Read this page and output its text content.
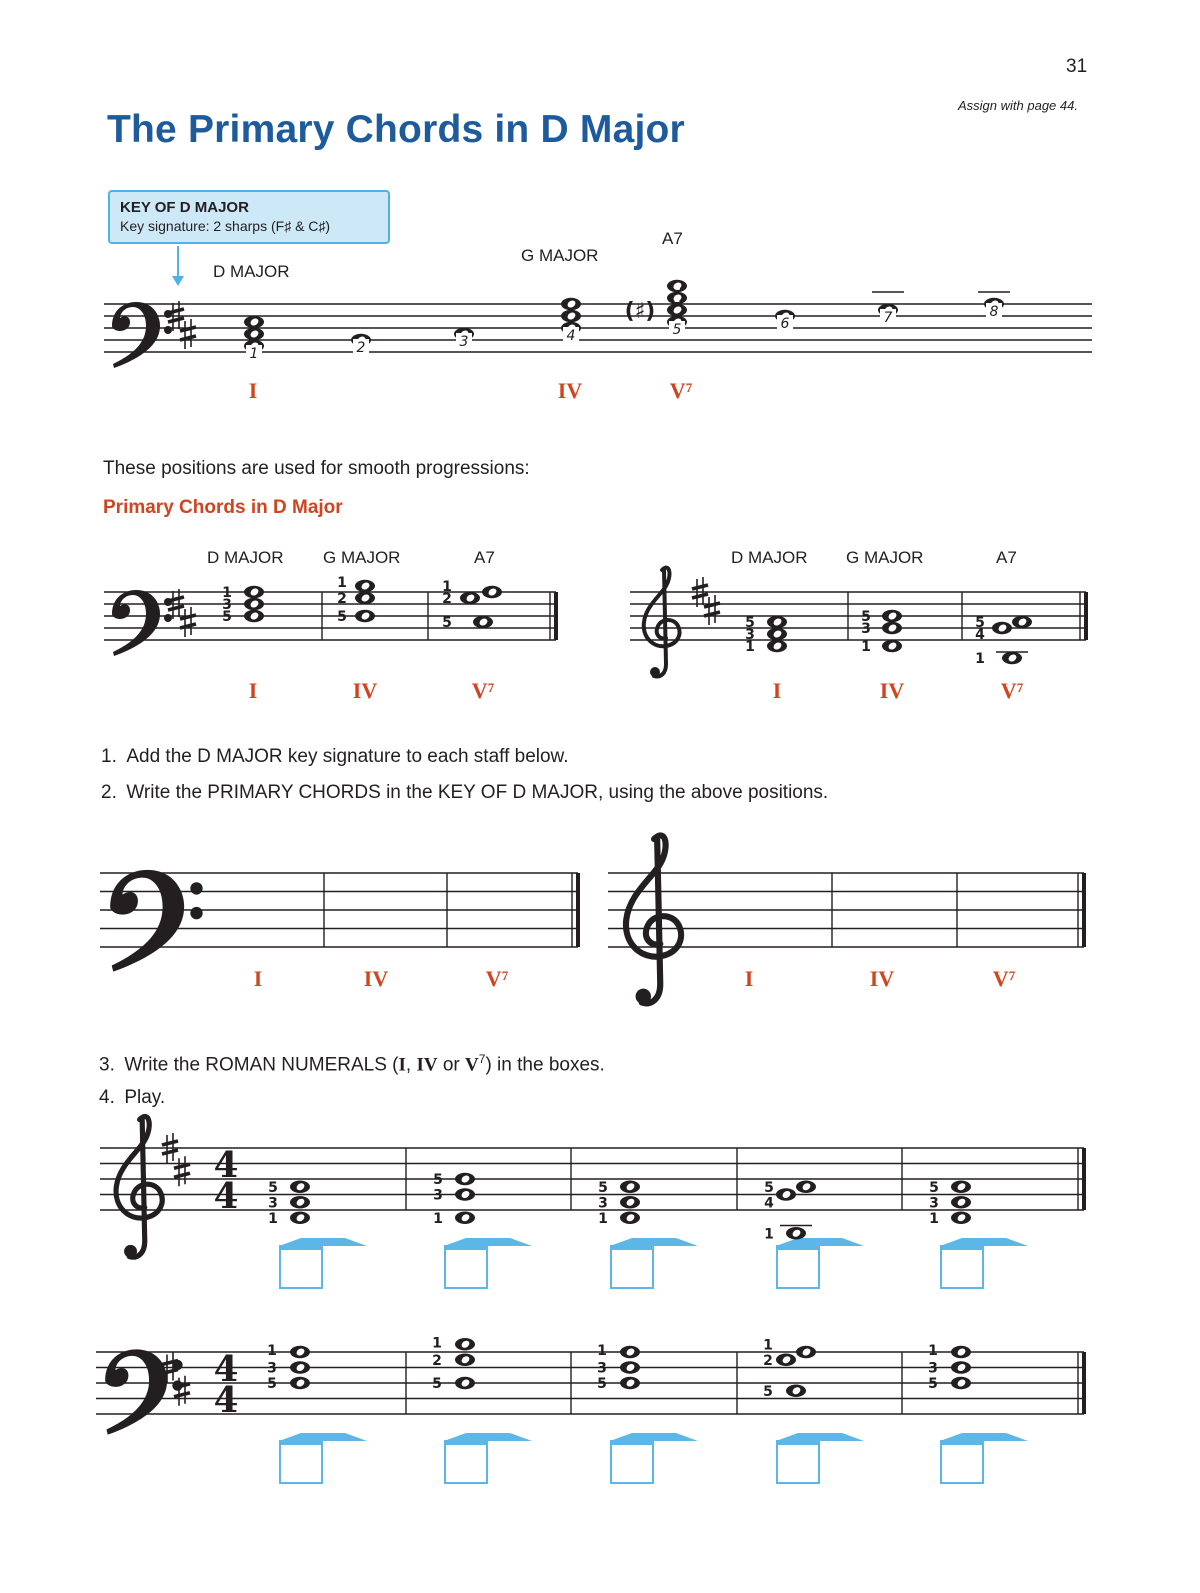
31
Assign with page 44.
The Primary Chords in D Major
KEY OF D MAJOR
Key signature: 2 sharps (F♯ & C♯)
D MAJOR
G MAJOR
A7
I	IV	$V^7$
These positions are used for smooth progressions:
Primary Chords in D Major
D MAJOR G MAJOR	A7	D MAJOR G MAJOR	A7
I	IV	$V^7$	I	IV	$V^7$
1. Add the D MAJOR key signature to each staff below.
2. Write the PRIMARY CHORDS in the KEY OF D MAJOR, using the above positions.
I	IV	$V^7$	I	IV	$V^7$
3. Write the ROMAN NUMERALS (I, IV or $V^7$) in the boxes.
4. Play.
G
E
(♯)
1	2	3	4	5	6	7	8
1
3
5
1
2
5
1
2
5	5
3
1
5
3
1
5
4
1
4
4 5
3
1
5
3
1
5
3
1
5
4
1
5
3
1
4
4
1
3
5
1
2
5
1
3
5
1
2
5
1
3
5
